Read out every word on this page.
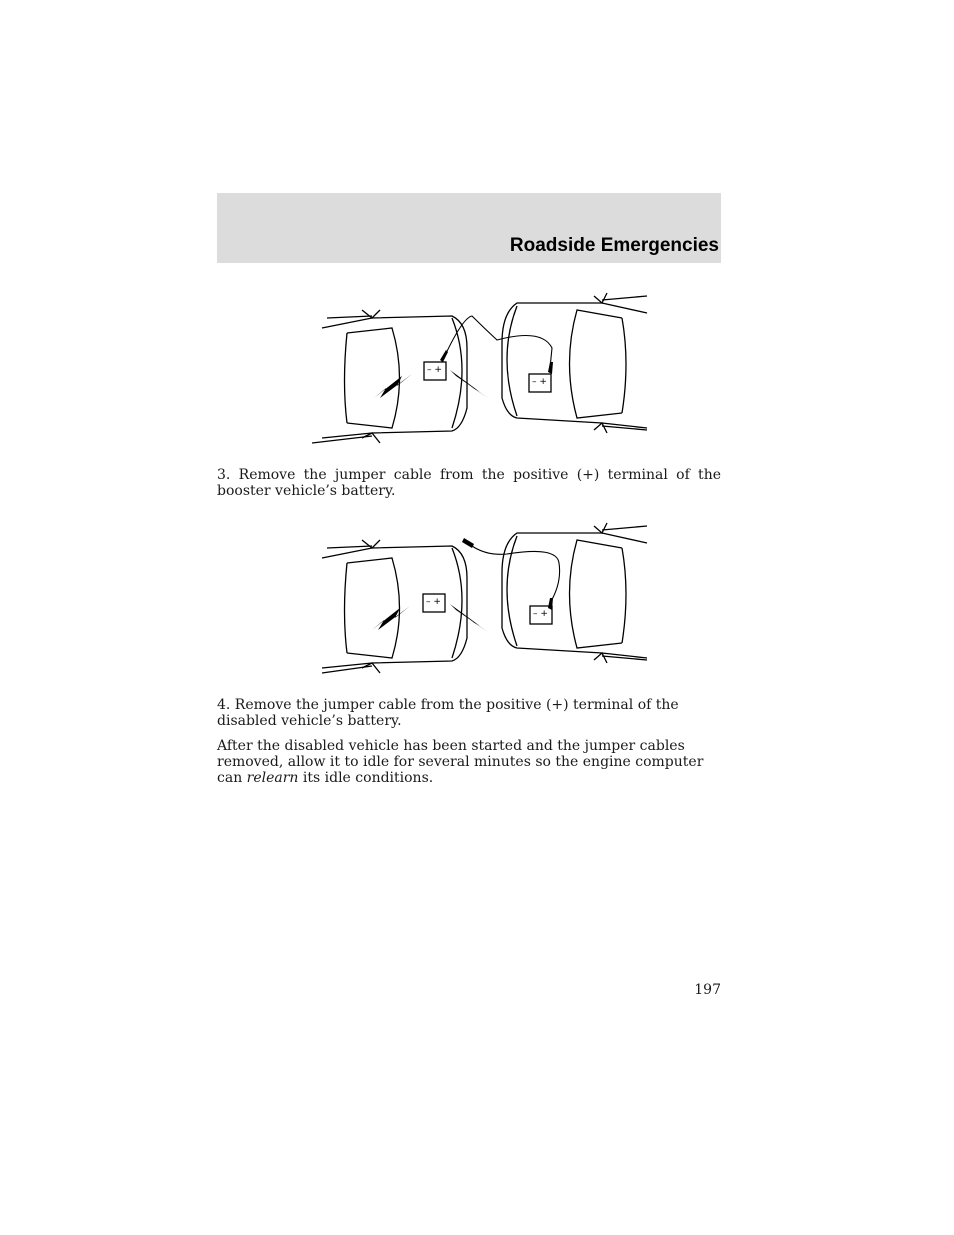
Roadside Emergencies
– +
– +
3. Remove the jumper cable from the positive (+) terminal of the booster vehicle’s battery.
– +
– +
4. Remove the jumper cable from the positive (+) terminal of the disabled vehicle’s battery.
After the disabled vehicle has been started and the jumper cables removed, allow it to idle for several minutes so the engine computer can relearn its idle conditions.
197
